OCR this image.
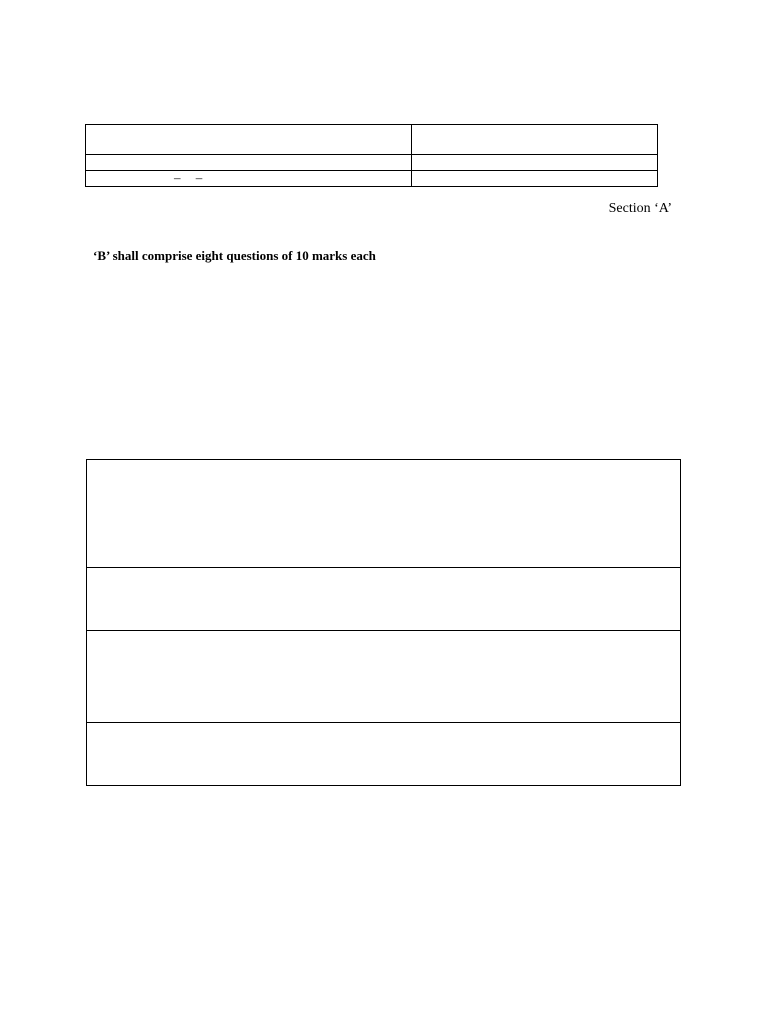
– –	

Section ‘A’
‘B’ shall comprise eight questions of 10 marks each
